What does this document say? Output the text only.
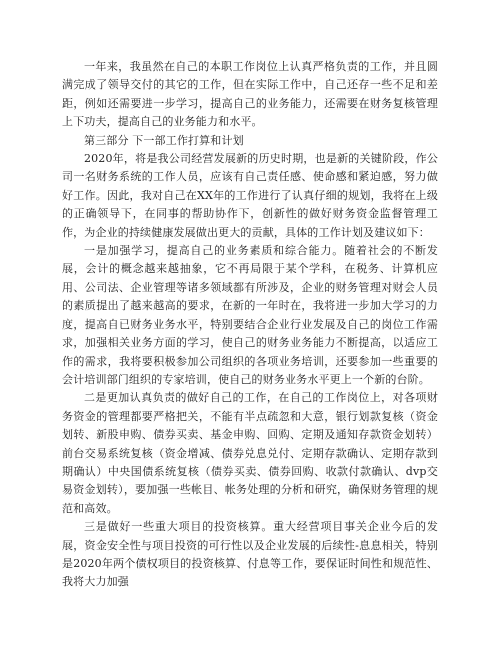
一年来，我虽然在自己的本职工作岗位上认真严格负责的工作，并且圆满完成了领导交付的其它的工作，但在实际工作中，自己还存一些不足和差距，例如还需要进一步学习，提高自己的业务能力，还需要在财务复核管理上下功夫，提高自己的业务能力和水平。

第三部分 下一部工作打算和计划

2020年，将是我公司经营发展新的历史时期，也是新的关键阶段，作公司一名财务系统的工作人员，应该有自己责任感、使命感和紧迫感，努力做好工作。因此，我对自己在XX年的工作进行了认真仔细的规划，我将在上级的正确领导下，在同事的帮助协作下，创新性的做好财务资金监督管理工作，为企业的持续健康发展做出更大的贡献，具体的工作计划及建议如下：

一是加强学习，提高自己的业务素质和综合能力。随着社会的不断发展，会计的概念越来越抽象，它不再局限于某个学科，在税务、计算机应用、公司法、企业管理等诸多领域都有所涉及，企业的财务管理对财会人员的素质提出了越来越高的要求，在新的一年时在，我将进一步加大学习的力度，提高自已财务业务水平，特别要结合企业行业发展及自己的岗位工作需求，加强相关业务方面的学习，使自己的财务业务能力不断提高，以适应工作的需求，我将要积极参加公司组织的各项业务培训，还要参加一些重要的会计培训部门组织的专家培训，使自己的财务业务水平更上一个新的台阶。

二是更加认真负责的做好自己的工作，在自己的工作岗位上，对各项财务资金的管理都要严格把关，不能有半点疏忽和大意，银行划款复核（资金划转、新股申购、债券买卖、基金申购、回购、定期及通知存款资金划转）前台交易系统复核（资金增减、债券兑息兑付、定期存款确认、定期存款到期确认）中央国债系统复核（债券买卖、债券回购、收款付款确认、dvp交易资金划转），要加强一些帐目、帐务处理的分析和研究，确保财务管理的规范和高效。

三是做好一些重大项目的投资核算。重大经营项目事关企业今后的发展，资金安全性与项目投资的可行性以及企业发展的后续性-息息相关，特别是2020年两个债权项目的投资核算、付息等工作，要保证时间性和规范性、我将大力加强
